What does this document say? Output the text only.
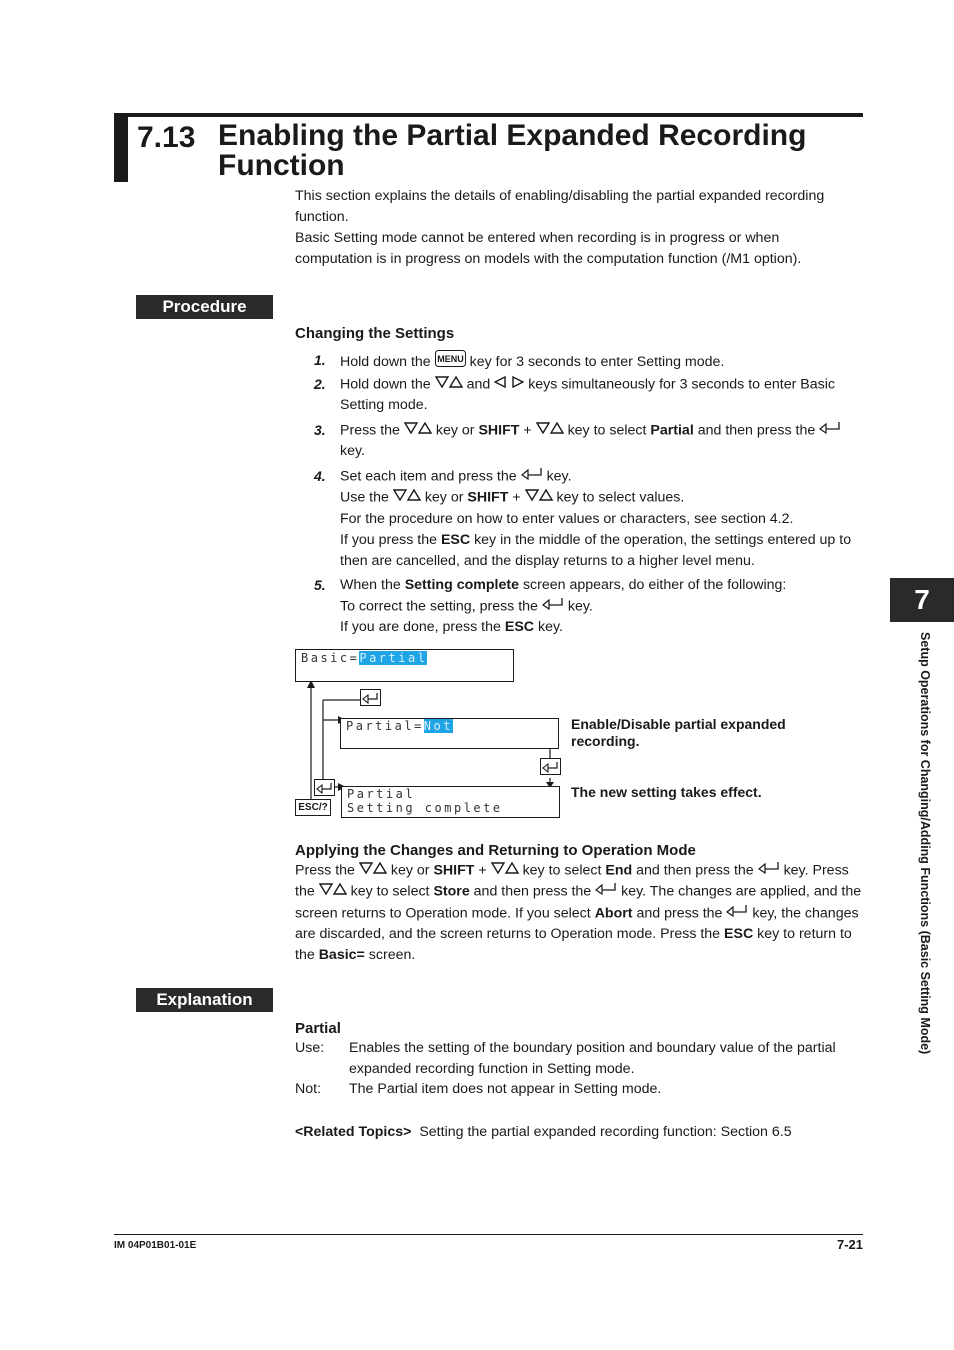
7.13 Enabling the Partial Expanded Recording Function
This section explains the details of enabling/disabling the partial expanded recording function.
Basic Setting mode cannot be entered when recording is in progress or when computation is in progress on models with the computation function (/M1 option).
Procedure
Changing the Settings
1.
2.
3.
4.
5.
Hold down the MENU key for 3 seconds to enter Setting mode.
Hold down the	and	keys simultaneously for 3 seconds to enter Basic Setting mode.
Press the	key or SHIFT +	key to select Partial and then press the  key.
Set each item and press the key.
Use the	key or SHIFT +	key to select values.
For the procedure on how to enter values or characters, see section 4.2.
If you press the ESC key in the middle of the operation, the settings entered up to then are cancelled, and the display returns to a higher level menu.
When the Setting complete screen appears, do either of the following:
To correct the setting, press the key.
If you are done, press the ESC key.
Basic=Partial
Partial=Not	Enable/Disable partial expanded recording.
ESC/?
Partial
Setting complete
The new setting takes effect.
Applying the Changes and Returning to Operation Mode
Press the	key or SHIFT +	key to select End and then press the key. Press the	key to select Store and then press the key. The changes are applied, and the screen returns to Operation mode. If you select Abort and press the key, the changes are discarded, and the screen returns to Operation mode. Press the ESC key to return to the Basic= screen.
Explanation
Partial
Use: Enables the setting of the boundary position and boundary value of the partial expanded recording function in Setting mode.
Not: The Partial item does not appear in Setting mode.
<Related Topics> Setting the partial expanded recording function: Section 6.5
7
Setup Operations for Changing/Adding Functions (Basic Setting Mode)
IM 04P01B01-01E	7-21
